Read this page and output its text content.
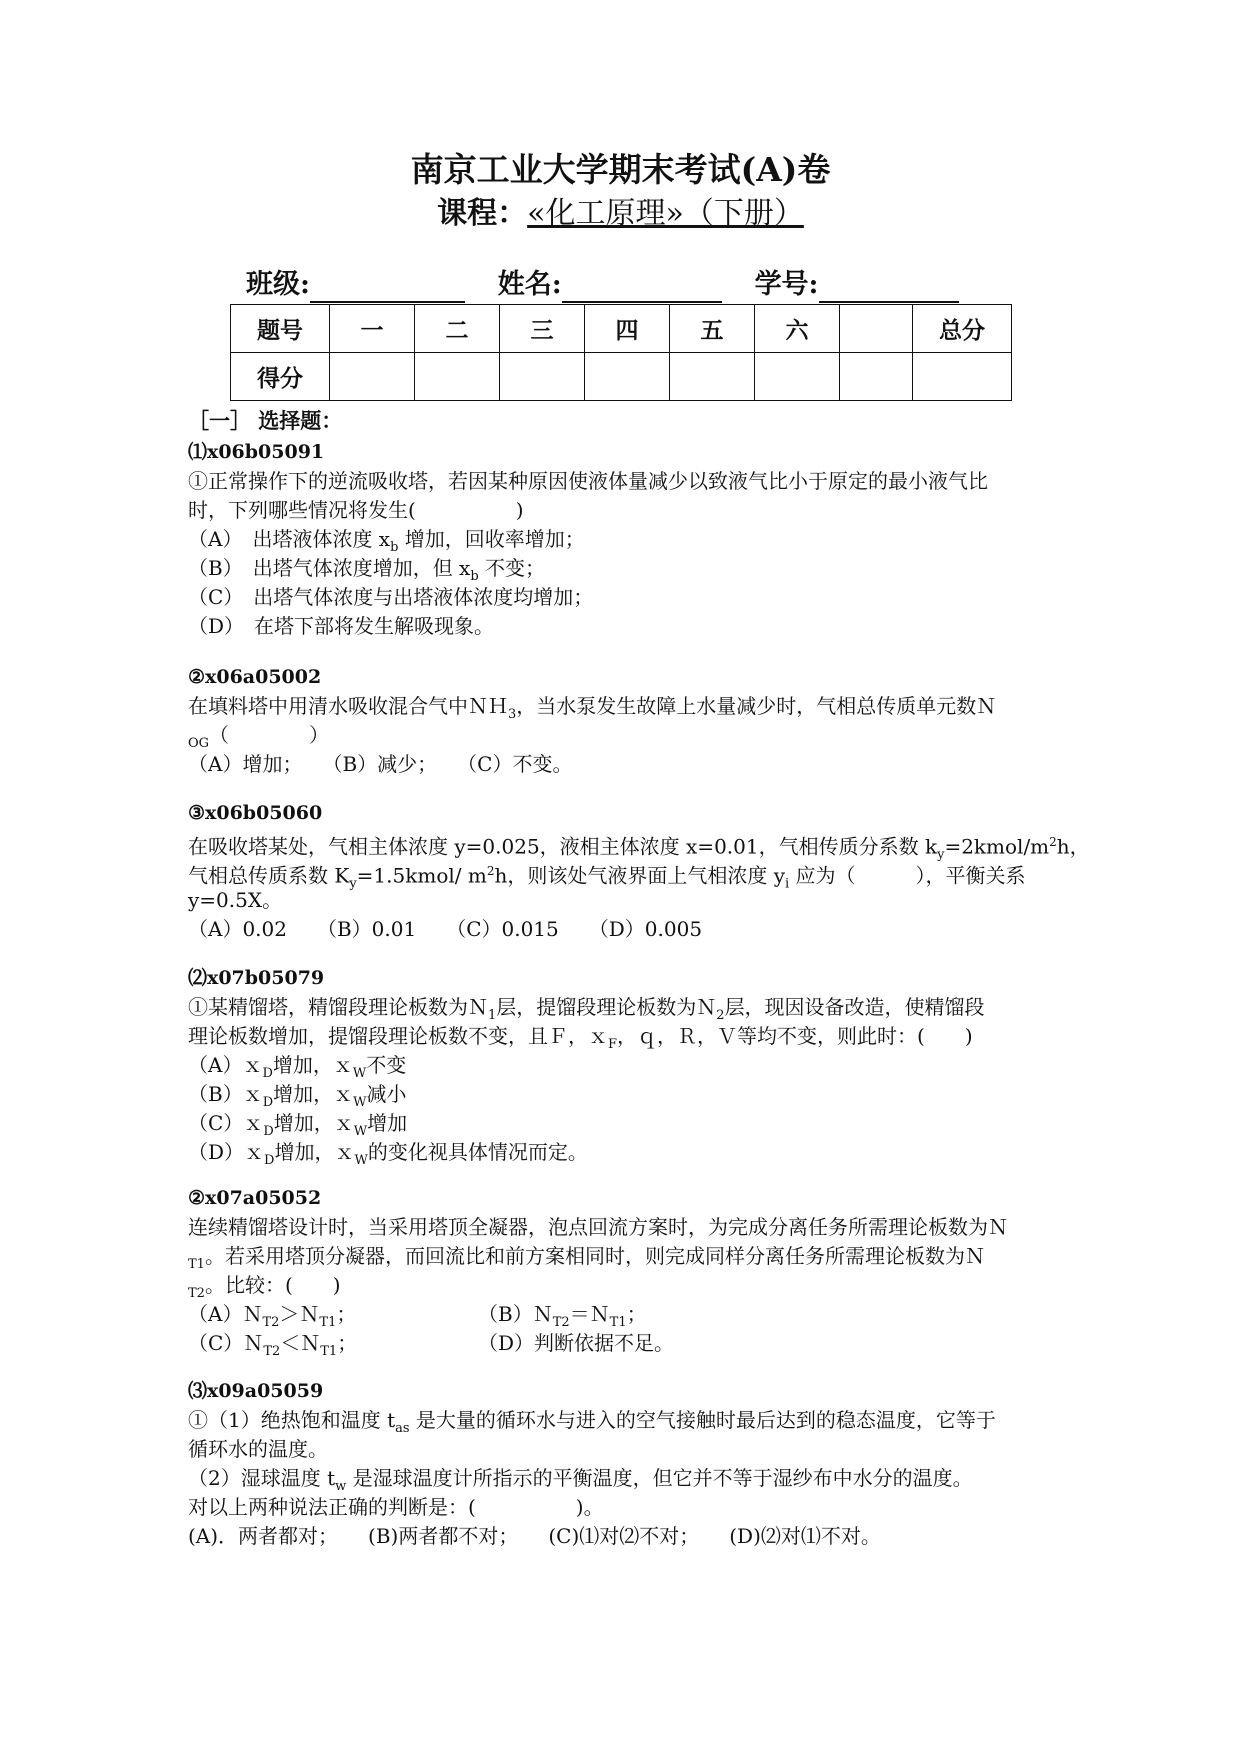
南京工业大学期末考试(A)卷
课程：«化工原理»（下册）
班级:	姓名:	学号:
题号	一	二	三	四	五	六		总分
得分								
［一］ 选择题：
⑴x06b05091
①正常操作下的逆流吸收塔，若因某种原因使液体量减少以致液气比小于原定的最小液气比
时，下列哪些情况将发生(　　　　　)
（A）　出塔液体浓度 $x_b$ 增加，回收率增加；
（B）　出塔气体浓度增加，但 $x_b$ 不变；
（C）　出塔气体浓度与出塔液体浓度均增加；
（D）　在塔下部将发生解吸现象。
②x06a05002
在填料塔中用清水吸收混合气中ＮＨ$_3$，当水泵发生故障上水量减少时，气相总传质单元数Ｎ
$_{OG}$（　　　　）
（A）增加；　　（B）减少；　　（C）不变。
③x06b05060
在吸收塔某处，气相主体浓度 y=0.025，液相主体浓度 x=0.01，气相传质分系数 $k_y=2kmol/m^2h$，
气相总传质系数 $K_y=1.5kmol/$ $m^2h$，则该处气液界面上气相浓度 $y_i$ 应为（　　　），平衡关系
y=0.5X。
（A）0.02　　（B）0.01　　（C）0.015　　（D）0.005
⑵x07b05079
①某精馏塔，精馏段理论板数为Ｎ$_1$层，提馏段理论板数为Ｎ$_2$层，现因设备改造，使精馏段
理论板数增加，提馏段理论板数不变，且Ｆ，ｘ$_F$，ｑ，Ｒ，Ｖ等均不变，则此时：(　　)
（A）ｘ$_D$增加，ｘ$_W$不变
（B）ｘ$_D$增加，ｘ$_W$减小
（C）ｘ$_D$增加，ｘ$_W$增加
（D）ｘ$_D$增加，ｘ$_W$的变化视具体情况而定。
②x07a05052
连续精馏塔设计时，当采用塔顶全凝器，泡点回流方案时，为完成分离任务所需理论板数为Ｎ
$_{T1}$。若采用塔顶分凝器，而回流比和前方案相同时，则完成同样分离任务所需理论板数为Ｎ
$_{T2}$。比较：(　　)
（A）Ｎ$_{T2}$＞Ｎ$_{T1}$；	（B）Ｎ$_{T2}$＝Ｎ$_{T1}$；
（C）Ｎ$_{T2}$＜Ｎ$_{T1}$；	（D）判断依据不足。
⑶x09a05059
①（1）绝热饱和温度 $t_{as}$ 是大量的循环水与进入的空气接触时最后达到的稳态温度，它等于
循环水的温度。
（2）湿球温度 $t_w$ 是湿球温度计所指示的平衡温度，但它并不等于湿纱布中水分的温度。
对以上两种说法正确的判断是：(　　　　　)。
(A)．两者都对；　　(B)两者都不对；　　(C)⑴对⑵不对；　　(D)⑵对⑴不对。
